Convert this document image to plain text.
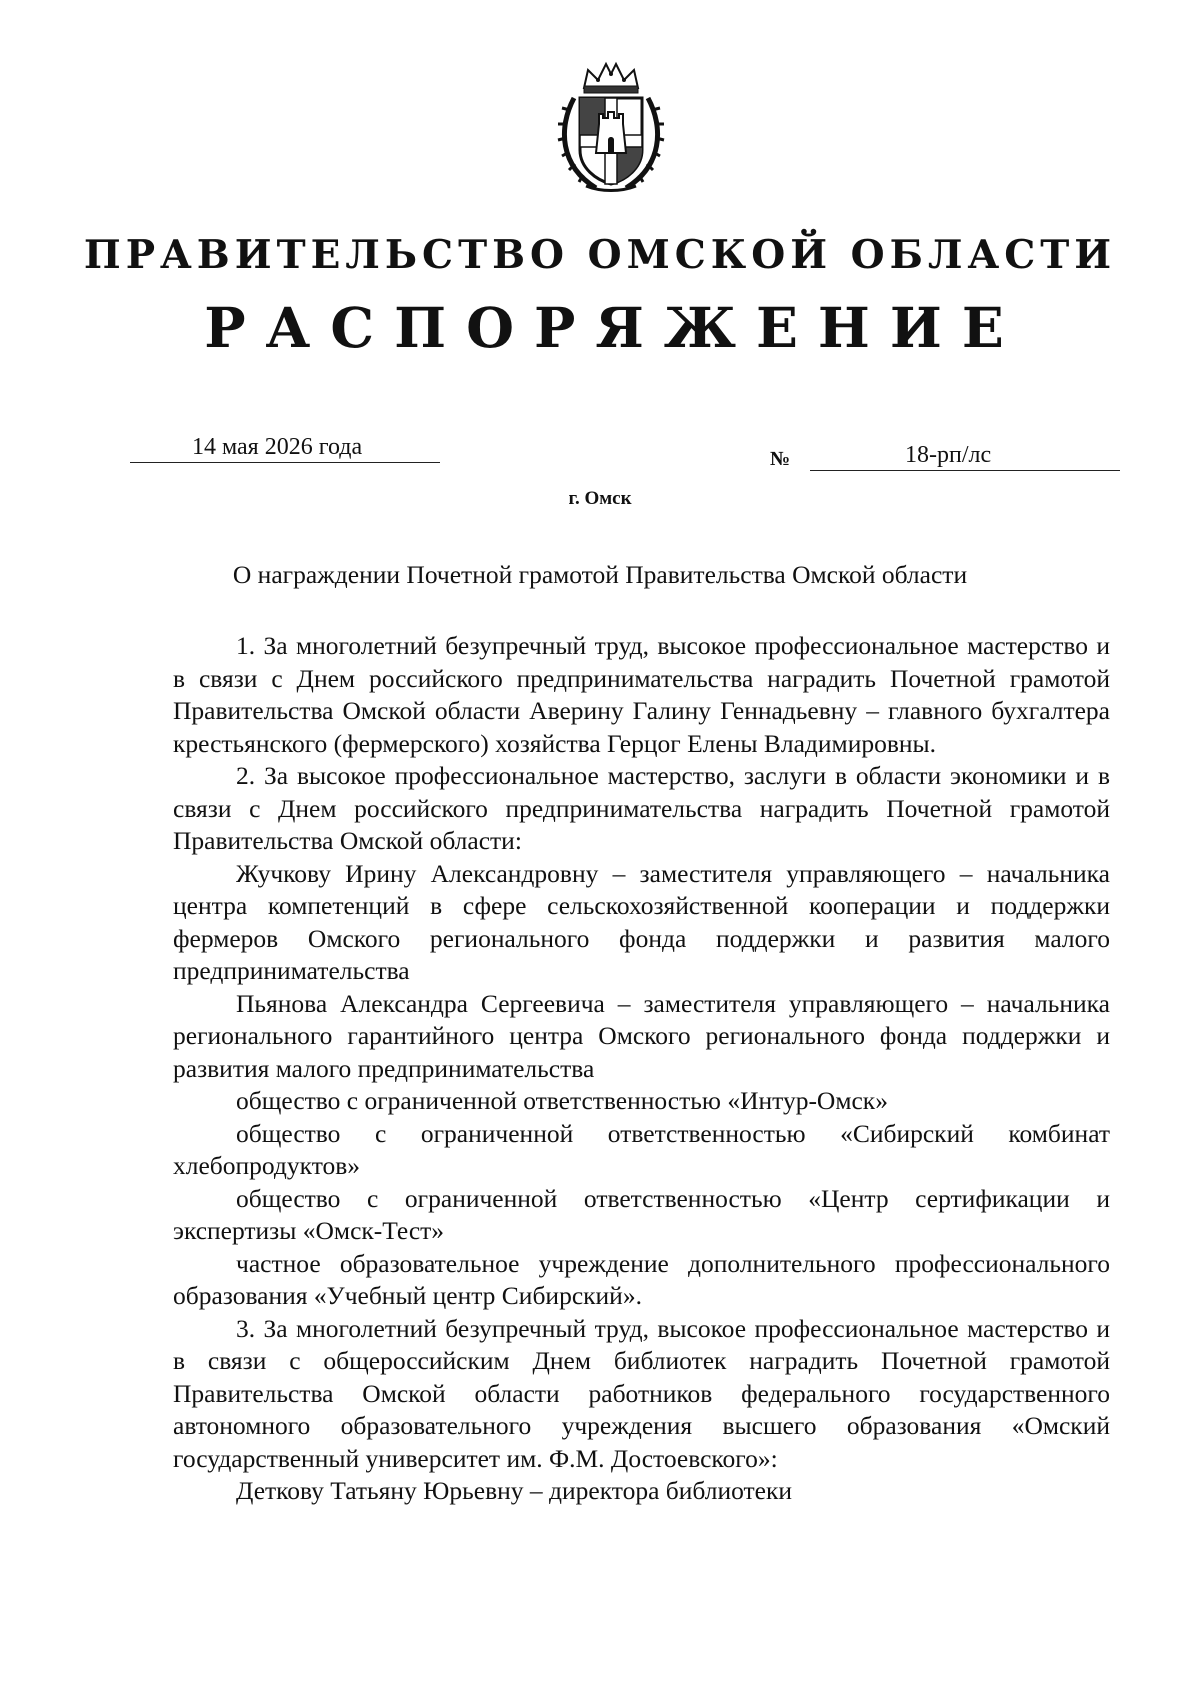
ПРАВИТЕЛЬСТВО ОМСКОЙ ОБЛАСТИ
РАСПОРЯЖЕНИЕ
14 мая 2026 года	№	18-рп/лс
г. Омск
О награждении Почетной грамотой Правительства Омской области

1. За многолетний безупречный труд, высокое профессиональное мастерство и в связи с Днем российского предпринимательства наградить Почетной грамотой Правительства Омской области Аверину Галину Геннадьевну – главного бухгалтера крестьянского (фермерского) хозяйства Герцог Елены Владимировны.

2. За высокое профессиональное мастерство, заслуги в области экономики и в связи с Днем российского предпринимательства наградить Почетной грамотой Правительства Омской области:

Жучкову Ирину Александровну – заместителя управляющего – начальника центра компетенций в сфере сельскохозяйственной кооперации и поддержки фермеров Омского регионального фонда поддержки и развития малого предпринимательства

Пьянова Александра Сергеевича – заместителя управляющего – начальника регионального гарантийного центра Омского регионального фонда поддержки и развития малого предпринимательства

общество с ограниченной ответственностью «Интур-Омск»

общество с ограниченной ответственностью «Сибирский комбинат хлебопродуктов»

общество с ограниченной ответственностью «Центр сертификации и экспертизы «Омск-Тест»

частное образовательное учреждение дополнительного профессионального образования «Учебный центр Сибирский».

3. За многолетний безупречный труд, высокое профессиональное мастерство и в связи с общероссийским Днем библиотек наградить Почетной грамотой Правительства Омской области работников федерального государственного автономного образовательного учреждения высшего образования «Омский государственный университет им. Ф.М. Достоевского»:

Деткову Татьяну Юрьевну – директора библиотеки
